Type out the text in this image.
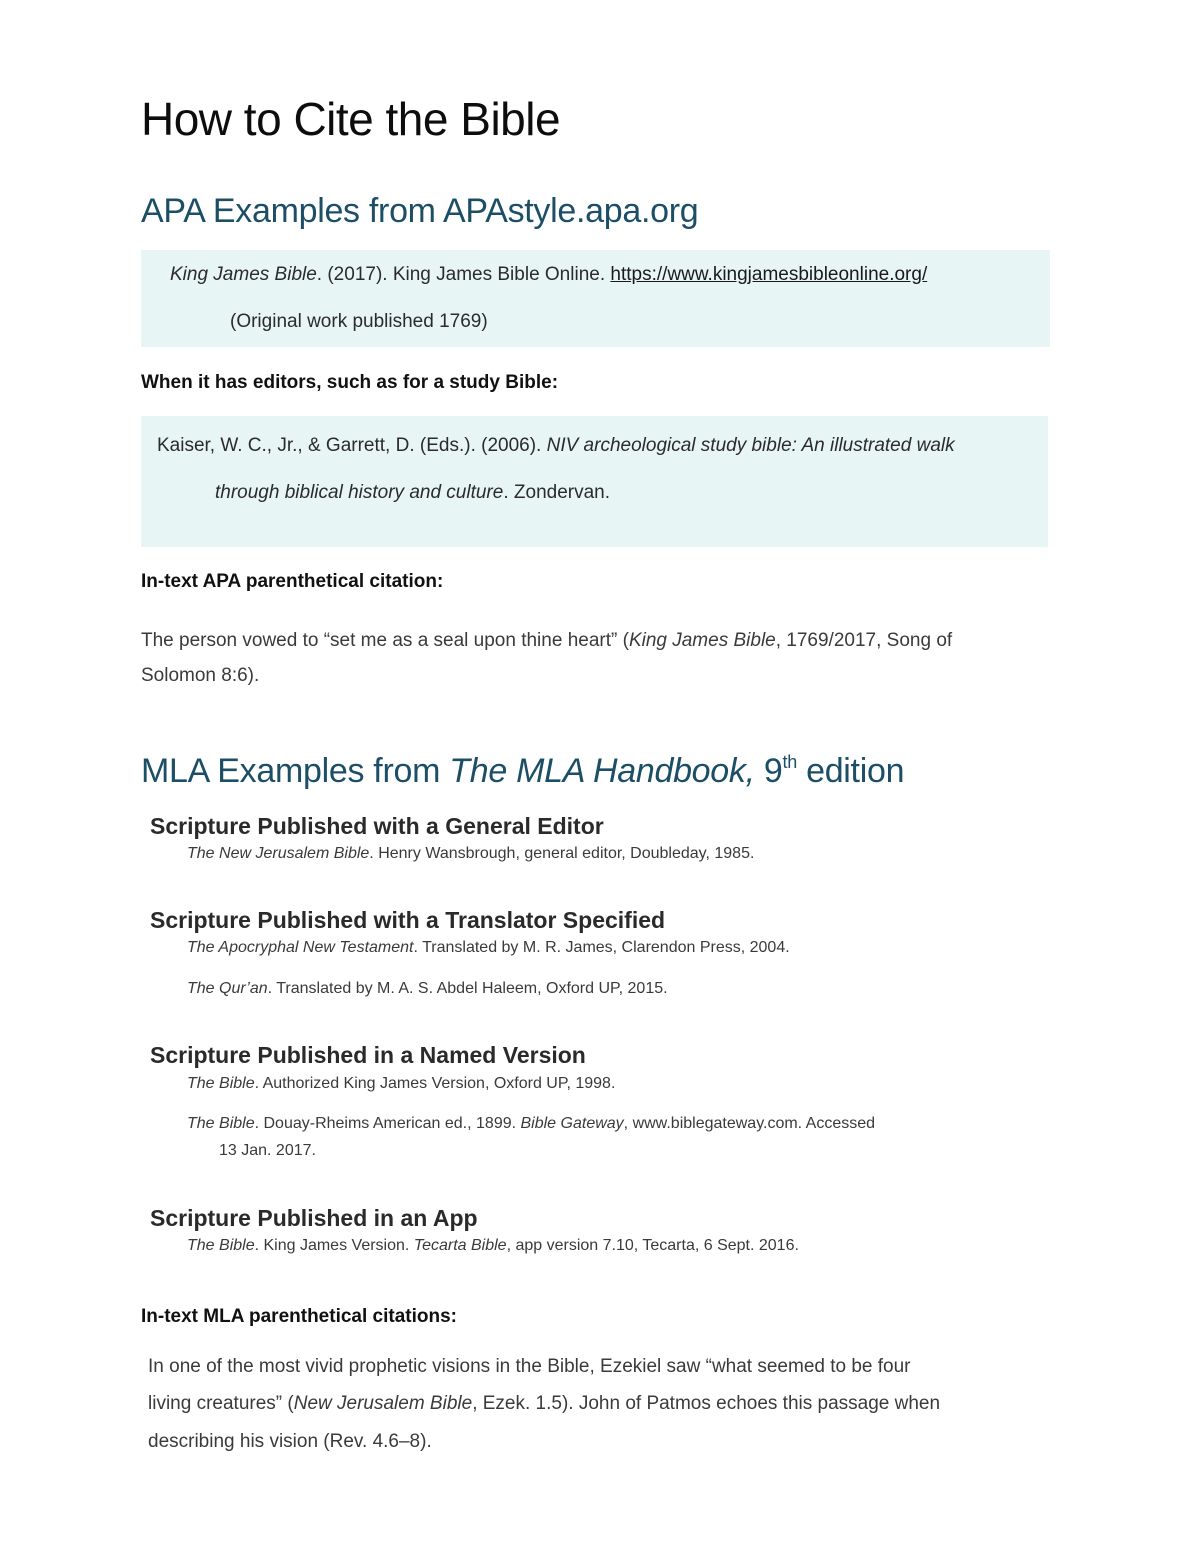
How to Cite the Bible
APA Examples from APAstyle.apa.org
King James Bible. (2017). King James Bible Online. https://www.kingjamesbibleonline.org/
(Original work published 1769)
When it has editors, such as for a study Bible:
Kaiser, W. C., Jr., & Garrett, D. (Eds.). (2006). NIV archeological study bible: An illustrated walk
through biblical history and culture. Zondervan.
In-text APA parenthetical citation:
The person vowed to “set me as a seal upon thine heart” (King James Bible, 1769/2017, Song of
Solomon 8:6).
MLA Examples from The MLA Handbook, 9th edition
Scripture Published with a General Editor
The New Jerusalem Bible. Henry Wansbrough, general editor, Doubleday, 1985.
Scripture Published with a Translator Specified
The Apocryphal New Testament. Translated by M. R. James, Clarendon Press, 2004.
The Qur’an. Translated by M. A. S. Abdel Haleem, Oxford UP, 2015.
Scripture Published in a Named Version
The Bible. Authorized King James Version, Oxford UP, 1998.
The Bible. Douay-Rheims American ed., 1899. Bible Gateway, www.biblegateway.com. Accessed
13 Jan. 2017.
Scripture Published in an App
The Bible. King James Version. Tecarta Bible, app version 7.10, Tecarta, 6 Sept. 2016.
In-text MLA parenthetical citations:
In one of the most vivid prophetic visions in the Bible, Ezekiel saw “what seemed to be four
living creatures” (New Jerusalem Bible, Ezek. 1.5). John of Patmos echoes this passage when
describing his vision (Rev. 4.6–8).
